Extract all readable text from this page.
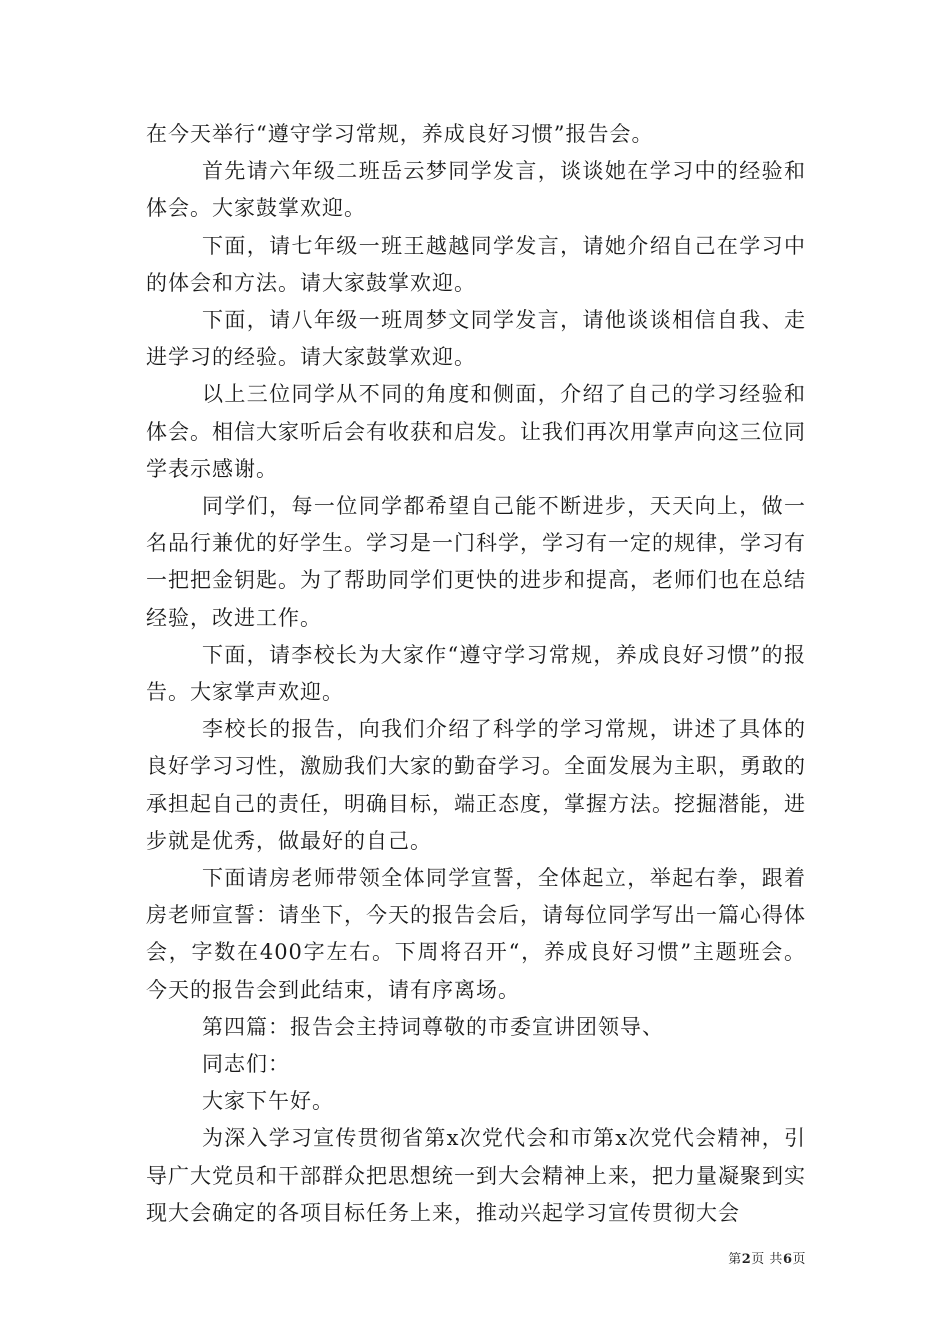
在今天举行“遵守学习常规，养成良好习惯”报告会。

首先请六年级二班岳云梦同学发言，谈谈她在学习中的经验和体会。大家鼓掌欢迎。

下面，请七年级一班王越越同学发言，请她介绍自己在学习中的体会和方法。请大家鼓掌欢迎。

下面，请八年级一班周梦文同学发言，请他谈谈相信自我、走进学习的经验。请大家鼓掌欢迎。

以上三位同学从不同的角度和侧面，介绍了自己的学习经验和体会。相信大家听后会有收获和启发。让我们再次用掌声向这三位同学表示感谢。

同学们，每一位同学都希望自己能不断进步，天天向上，做一名品行兼优的好学生。学习是一门科学，学习有一定的规律，学习有一把把金钥匙。为了帮助同学们更快的进步和提高，老师们也在总结经验，改进工作。

下面，请李校长为大家作“遵守学习常规，养成良好习惯”的报告。大家掌声欢迎。

李校长的报告，向我们介绍了科学的学习常规，讲述了具体的良好学习习性，激励我们大家的勤奋学习。全面发展为主职，勇敢的承担起自己的责任，明确目标，端正态度，掌握方法。挖掘潜能，进步就是优秀，做最好的自己。

下面请房老师带领全体同学宣誓，全体起立，举起右拳，跟着房老师宣誓：请坐下，今天的报告会后，请每位同学写出一篇心得体会，字数在400字左右。下周将召开“，养成良好习惯”主题班会。今天的报告会到此结束，请有序离场。

第四篇：报告会主持词尊敬的市委宣讲团领导、

同志们：

大家下午好。

为深入学习宣传贯彻省第x次党代会和市第x次党代会精神，引导广大党员和干部群众把思想统一到大会精神上来，把力量凝聚到实现大会确定的各项目标任务上来，推动兴起学习宣传贯彻大会

第2页 共6页
